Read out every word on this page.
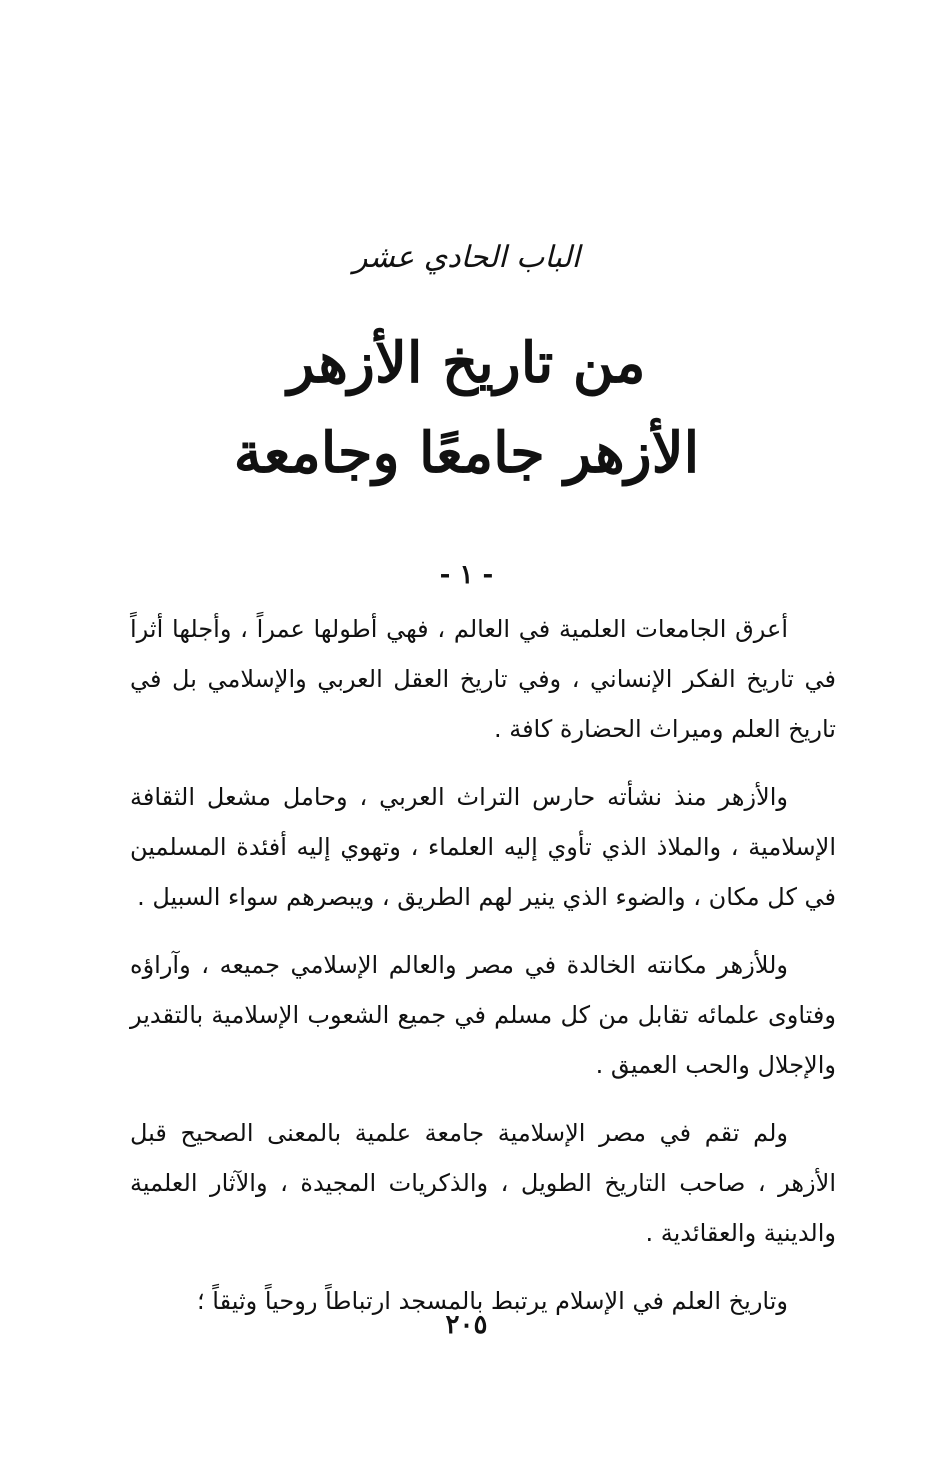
الباب الحادي عشر
من تاريخ الأزهر
الأزهر جامعًا وجامعة
- ١ -

أعرق الجامعات العلمية في العالم ، فهي أطولها عمراً ، وأجلها أثراً في تاريخ الفكر الإنساني ، وفي تاريخ العقل العربي والإسلامي بل في تاريخ العلم وميراث الحضارة كافة .

والأزهر منذ نشأته حارس التراث العربي ، وحامل مشعل الثقافة الإسلامية ، والملاذ الذي تأوي إليه العلماء ، وتهوي إليه أفئدة المسلمين في كل مكان ، والضوء الذي ينير لهم الطريق ، ويبصرهم سواء السبيل .

وللأزهر مكانته الخالدة في مصر والعالم الإسلامي جميعه ، وآراؤه وفتاوى علمائه تقابل من كل مسلم في جميع الشعوب الإسلامية بالتقدير والإجلال والحب العميق .

ولم تقم في مصر الإسلامية جامعة علمية بالمعنى الصحيح قبل الأزهر ، صاحب التاريخ الطويل ، والذكريات المجيدة ، والآثار العلمية والدينية والعقائدية .

وتاريخ العلم في الإسلام يرتبط بالمسجد ارتباطاً روحياً وثيقاً ؛

٢٠٥
